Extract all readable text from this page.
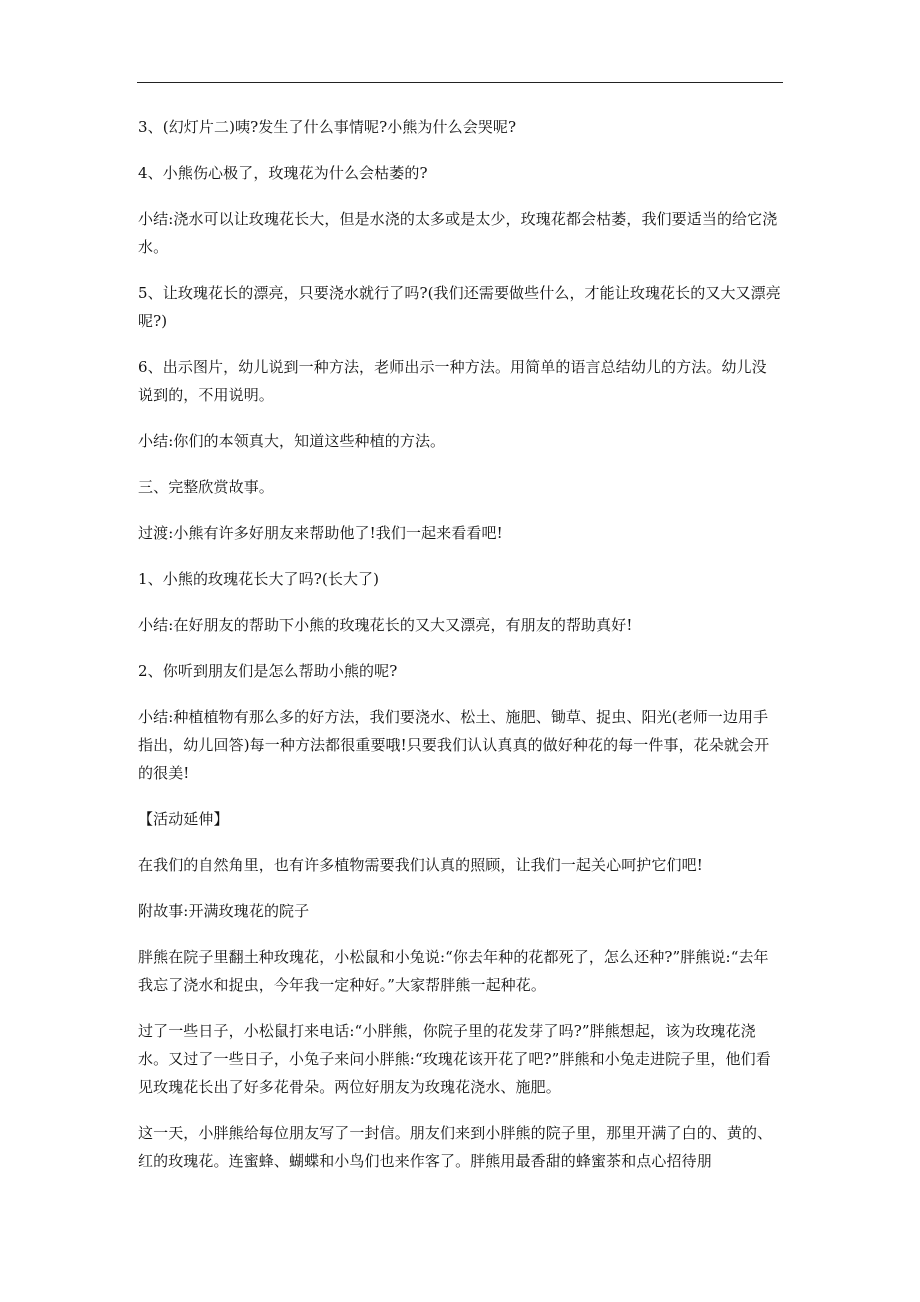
3、(幻灯片二)咦?发生了什么事情呢?小熊为什么会哭呢?

4、小熊伤心极了，玫瑰花为什么会枯萎的?

小结:浇水可以让玫瑰花长大，但是水浇的太多或是太少，玫瑰花都会枯萎，我们要适当的给它浇水。

5、让玫瑰花长的漂亮，只要浇水就行了吗?(我们还需要做些什么，才能让玫瑰花长的又大又漂亮呢?)

6、出示图片，幼儿说到一种方法，老师出示一种方法。用简单的语言总结幼儿的方法。幼儿没说到的，不用说明。

小结:你们的本领真大，知道这些种植的方法。

三、完整欣赏故事。

过渡:小熊有许多好朋友来帮助他了!我们一起来看看吧!

1、小熊的玫瑰花长大了吗?(长大了)

小结:在好朋友的帮助下小熊的玫瑰花长的又大又漂亮，有朋友的帮助真好!

2、你听到朋友们是怎么帮助小熊的呢?

小结:种植植物有那么多的好方法，我们要浇水、松土、施肥、锄草、捉虫、阳光(老师一边用手指出，幼儿回答)每一种方法都很重要哦!只要我们认认真真的做好种花的每一件事，花朵就会开的很美!

【活动延伸】

在我们的自然角里，也有许多植物需要我们认真的照顾，让我们一起关心呵护它们吧!

附故事:开满玫瑰花的院子

胖熊在院子里翻土种玫瑰花，小松鼠和小兔说:“你去年种的花都死了，怎么还种?”胖熊说:“去年我忘了浇水和捉虫，今年我一定种好。”大家帮胖熊一起种花。

过了一些日子，小松鼠打来电话:“小胖熊，你院子里的花发芽了吗?”胖熊想起，该为玫瑰花浇水。又过了一些日子，小兔子来问小胖熊:“玫瑰花该开花了吧?”胖熊和小兔走进院子里，他们看见玫瑰花长出了好多花骨朵。两位好朋友为玫瑰花浇水、施肥。

这一天，小胖熊给每位朋友写了一封信。朋友们来到小胖熊的院子里，那里开满了白的、黄的、红的玫瑰花。连蜜蜂、蝴蝶和小鸟们也来作客了。胖熊用最香甜的蜂蜜茶和点心招待朋
